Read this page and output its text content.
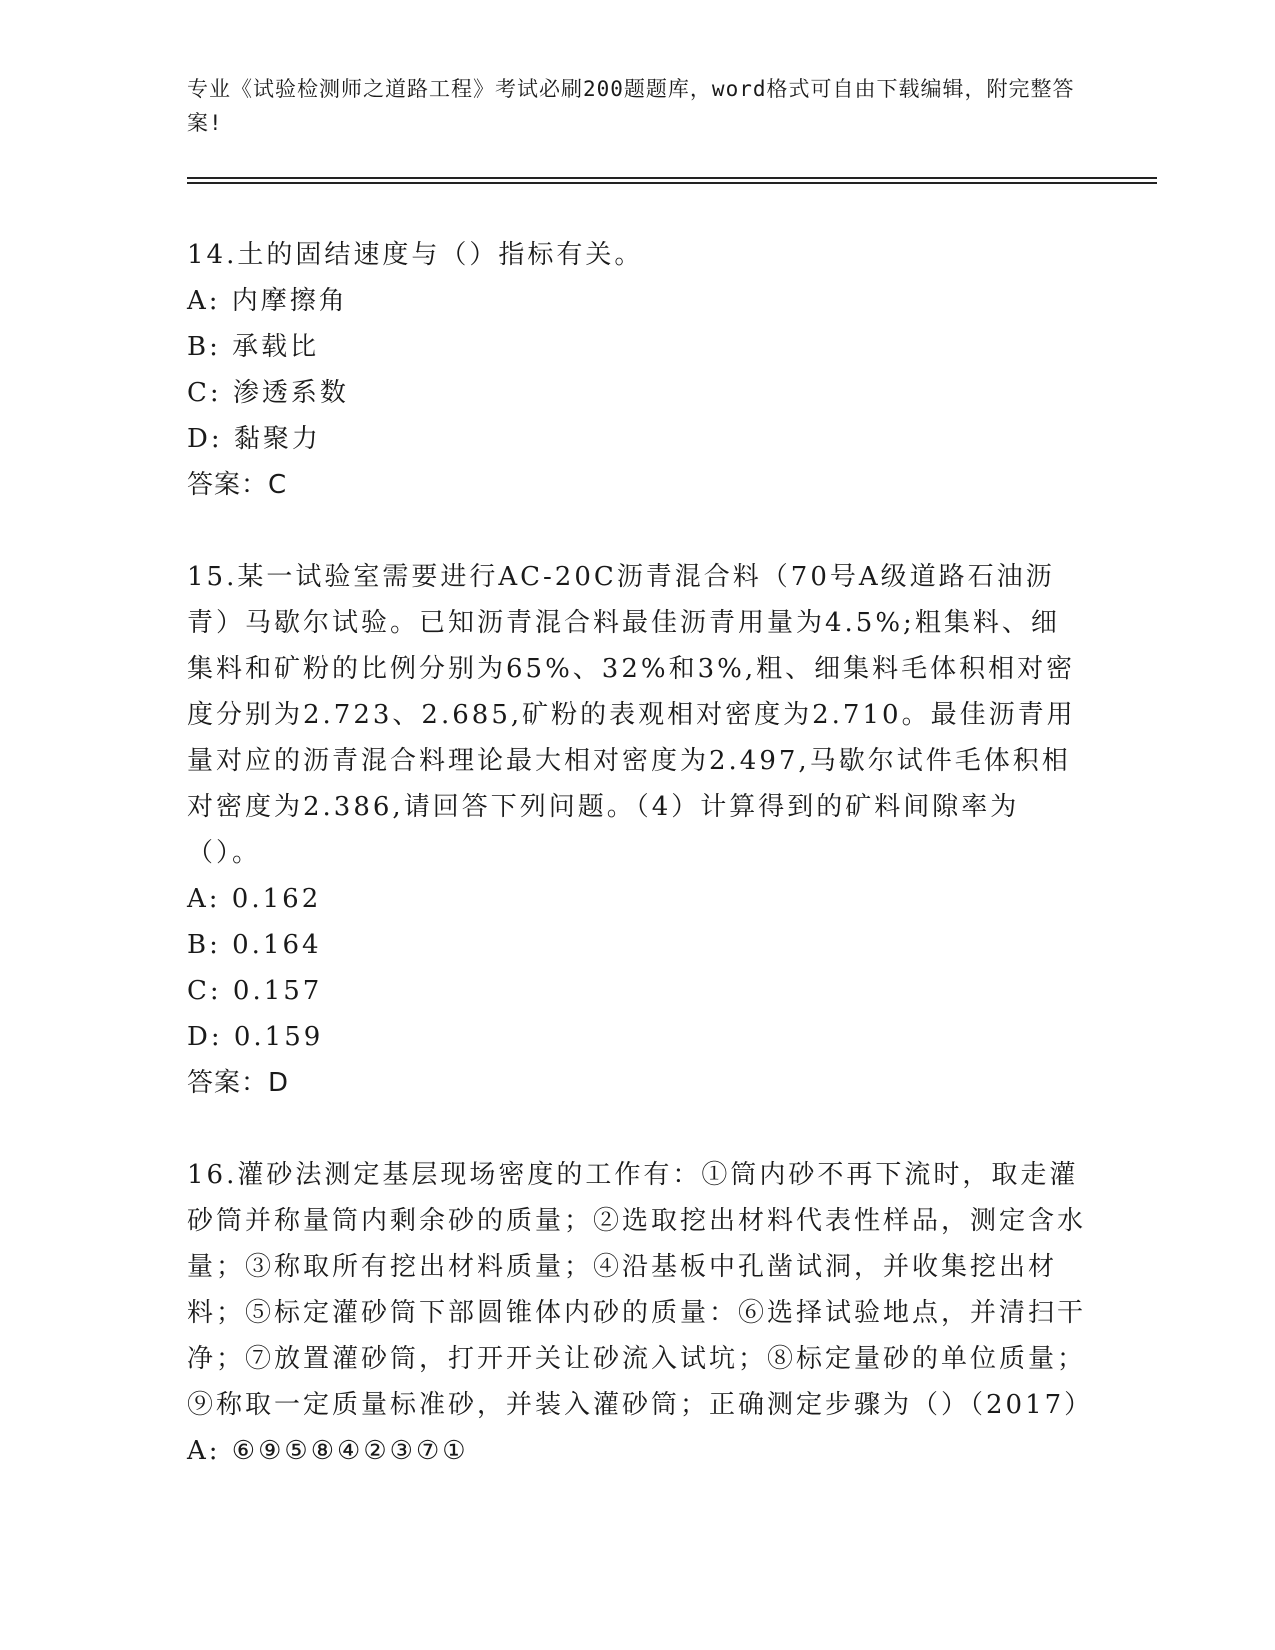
专业《试验检测师之道路工程》考试必刷200题题库，word格式可自由下载编辑，附完整答案!

14.土的固结速度与（）指标有关。

A: 内摩擦角

B: 承载比

C: 渗透系数

D: 黏聚力

答案：C

15.某一试验室需要进行AC-20C沥青混合料（70号A级道路石油沥青）马歇尔试验。已知沥青混合料最佳沥青用量为4.5%;粗集料、细集料和矿粉的比例分别为65%、32%和3%,粗、细集料毛体积相对密度分别为2.723、2.685,矿粉的表观相对密度为2.710。最佳沥青用量对应的沥青混合料理论最大相对密度为2.497,马歇尔试件毛体积相对密度为2.386,请回答下列问题。（4）计算得到的矿料间隙率为（）。

A: 0.162

B: 0.164

C: 0.157

D: 0.159

答案：D

16.灌砂法测定基层现场密度的工作有：①筒内砂不再下流时，取走灌砂筒并称量筒内剩余砂的质量；②选取挖出材料代表性样品，测定含水量；③称取所有挖出材料质量；④沿基板中孔凿试洞，并收集挖出材料；⑤标定灌砂筒下部圆锥体内砂的质量：⑥选择试验地点，并清扫干净；⑦放置灌砂筒，打开开关让砂流入试坑；⑧标定量砂的单位质量；⑨称取一定质量标准砂，并装入灌砂筒；正确测定步骤为（）（2017）

A: ⑥⑨⑤⑧④②③⑦①
